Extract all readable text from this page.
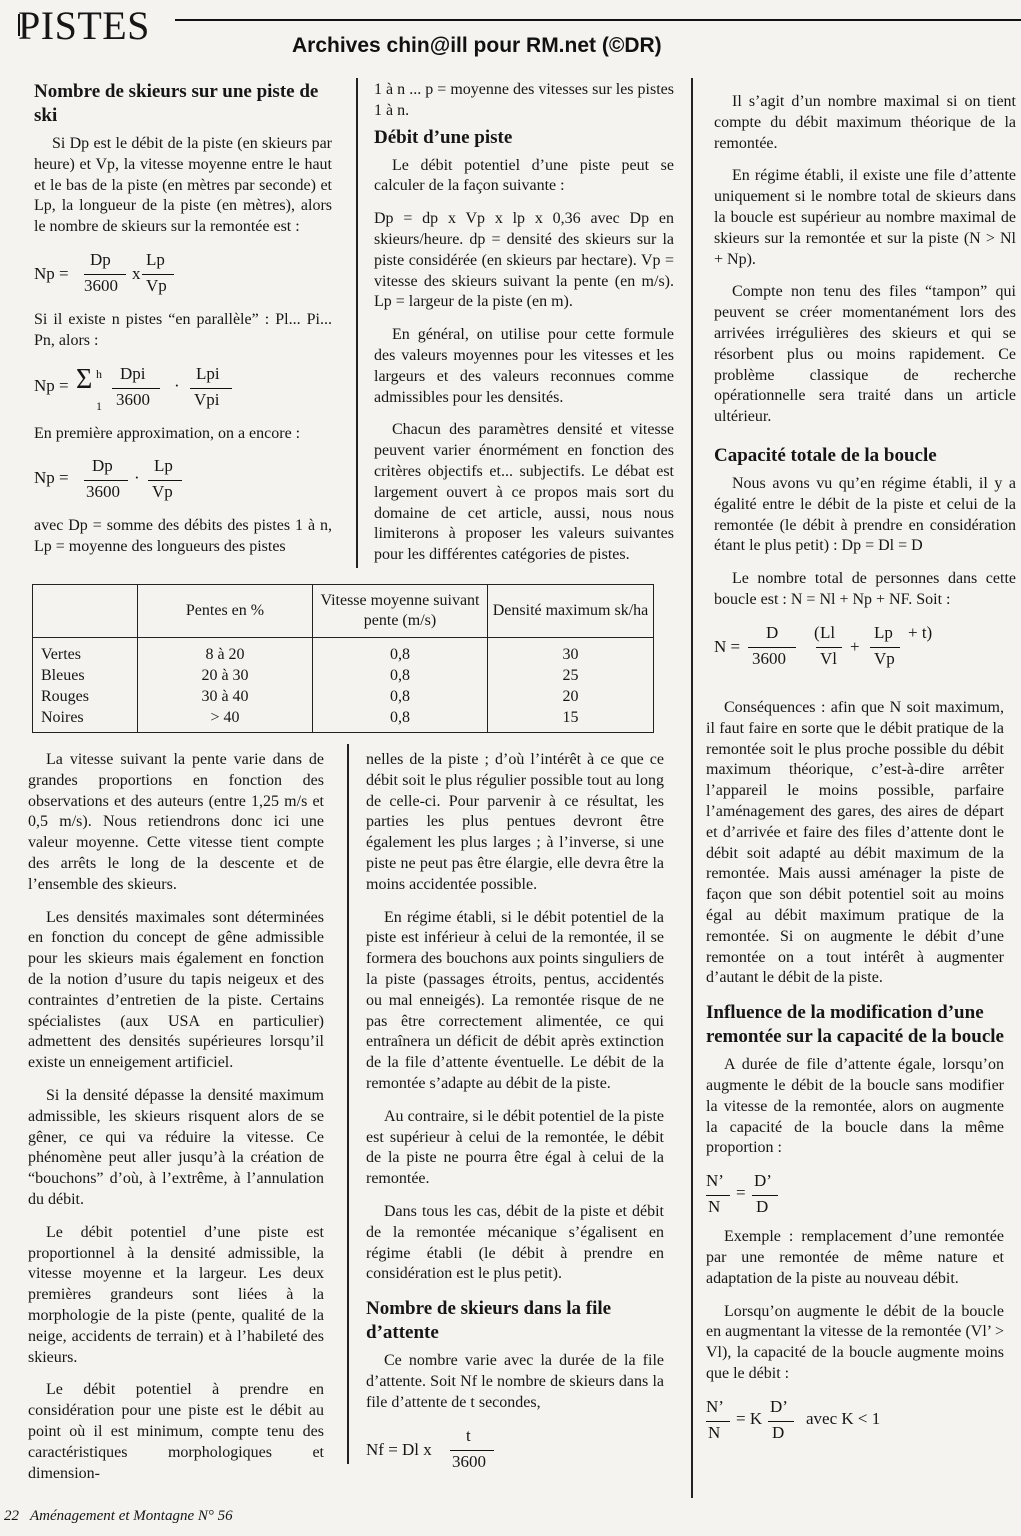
PISTES	Archives chin@ill pour RM.net (©DR)
Nombre de skieurs sur une piste de ski

Si Dp est le débit de la piste (en skieurs par heure) et Vp, la vitesse moyenne entre le haut et le bas de la piste (en mètres par seconde) et Lp, la longueur de la piste (en mètres), alors le nombre de skieurs sur la remontée est :

Np =
Dp
3600
x
Lp
Vp

Si il existe n pistes “en parallèle” : Pl... Pi... Pn, alors :

Np = Σ h
1
Dpi
3600
·
Lpi
Vpi

En première approximation, on a encore :

Np =
Dp
3600
·
Lp
Vp

avec Dp = somme des débits des pistes 1 à n, Lp = moyenne des longueurs des pistes

1 à n ... p = moyenne des vitesses sur les pistes 1 à n.

Débit d’une piste

Le débit potentiel d’une piste peut se calculer de la façon suivante :

Dp = dp x Vp x lp x 0,36 avec Dp en skieurs/heure. dp = densité des skieurs sur la piste considérée (en skieurs par hectare). Vp = vitesse des skieurs suivant la pente (en m/s). Lp = largeur de la piste (en m).

En général, on utilise pour cette formule des valeurs moyennes pour les vitesses et les largeurs et des valeurs reconnues comme admissibles pour les densités.

Chacun des paramètres densité et vitesse peuvent varier énormément en fonction des critères objectifs et... subjectifs. Le débat est largement ouvert à ce propos mais sort du domaine de cet article, aussi, nous nous limiterons à proposer les valeurs suivantes pour les différentes catégories de pistes.

	Pentes en %	Vitesse moyenne suivant pente (m/s)	Densité maximum sk/ha
Vertes	8 à 20	0,8	30
Bleues	20 à 30	0,8	25
Rouges	30 à 40	0,8	20
Noires	> 40	0,8	15

Il s’agit d’un nombre maximal si on tient compte du débit maximum théorique de la remontée.

En régime établi, il existe une file d’attente uniquement si le nombre total de skieurs dans la boucle est supérieur au nombre maximal de skieurs sur la remontée et sur la piste (N > Nl + Np).

Compte non tenu des files “tampon” qui peuvent se créer momentanément lors des arrivées irrégulières des skieurs et qui se résorbent plus ou moins rapidement. Ce problème classique de recherche opérationnelle sera traité dans un article ultérieur.

Capacité totale de la boucle

Nous avons vu qu’en régime établi, il y a égalité entre le débit de la piste et celui de la remontée (le débit à prendre en considération étant le plus petit) : Dp = Dl = D

Le nombre total de personnes dans cette boucle est : N = Nl + Np + NF. Soit :

N =
D
3600
( Ll
Vl
+
Lp
Vp
+ t)

La vitesse suivant la pente varie dans de grandes proportions en fonction des observations et des auteurs (entre 1,25 m/s et 0,5 m/s). Nous retiendrons donc ici une valeur moyenne. Cette vitesse tient compte des arrêts le long de la descente et de l’ensemble des skieurs.

Les densités maximales sont déterminées en fonction du concept de gêne admissible pour les skieurs mais également en fonction de la notion d’usure du tapis neigeux et des contraintes d’entretien de la piste. Certains spécialistes (aux USA en particulier) admettent des densités supérieures lorsqu’il existe un enneigement artificiel.

Si la densité dépasse la densité maximum admissible, les skieurs risquent alors de se gêner, ce qui va réduire la vitesse. Ce phénomène peut aller jusqu’à la création de “bouchons” d’où, à l’extrême, à l’annulation du débit.

Le débit potentiel d’une piste est proportionnel à la densité admissible, la vitesse moyenne et la largeur. Les deux premières grandeurs sont liées à la morphologie de la piste (pente, qualité de la neige, accidents de terrain) et à l’habileté des skieurs.

Le débit potentiel à prendre en considération pour une piste est le débit au point où il est minimum, compte tenu des caractéristiques morphologiques et dimension-

nelles de la piste ; d’où l’intérêt à ce que ce débit soit le plus régulier possible tout au long de celle-ci. Pour parvenir à ce résultat, les parties les plus pentues devront être également les plus larges ; à l’inverse, si une piste ne peut pas être élargie, elle devra être la moins accidentée possible.

En régime établi, si le débit potentiel de la piste est inférieur à celui de la remontée, il se formera des bouchons aux points singuliers de la piste (passages étroits, pentus, accidentés ou mal enneigés). La remontée risque de ne pas être correctement alimentée, ce qui entraînera un déficit de débit après extinction de la file d’attente éventuelle. Le débit de la remontée s’adapte au débit de la piste.

Au contraire, si le débit potentiel de la piste est supérieur à celui de la remontée, le débit de la piste ne pourra être égal à celui de la remontée.

Dans tous les cas, débit de la piste et débit de la remontée mécanique s’égalisent en régime établi (le débit à prendre en considération est le plus petit).

Nombre de skieurs dans la file d’attente

Ce nombre varie avec la durée de la file d’attente. Soit Nf le nombre de skieurs dans la file d’attente de t secondes,

Nf = Dl x
t
3600

Conséquences : afin que N soit maximum, il faut faire en sorte que le débit pratique de la remontée soit le plus proche possible du débit maximum théorique, c’est-à-dire arrêter l’appareil le moins possible, parfaire l’aménagement des gares, des aires de départ et d’arrivée et faire des files d’attente dont le débit soit adapté au débit maximum de la remontée. Mais aussi aménager la piste de façon que son débit potentiel soit au moins égal au débit maximum pratique de la remontée. Si on augmente le débit d’une remontée on a tout intérêt à augmenter d’autant le débit de la piste.

Influence de la modification d’une remontée sur la capacité de la boucle

A durée de file d’attente égale, lorsqu’on augmente le débit de la boucle sans modifier la vitesse de la remontée, alors on augmente la capacité de la boucle dans la même proportion :

N’
N
=
D’
D

Exemple : remplacement d’une remontée par une remontée de même nature et adaptation de la piste au nouveau débit.

Lorsqu’on augmente le débit de la boucle en augmentant la vitesse de la remontée (Vl’ > Vl), la capacité de la boucle augmente moins que le débit :

N’
N
= K
D’
D
avec K < 1
22 Aménagement et Montagne N° 56
